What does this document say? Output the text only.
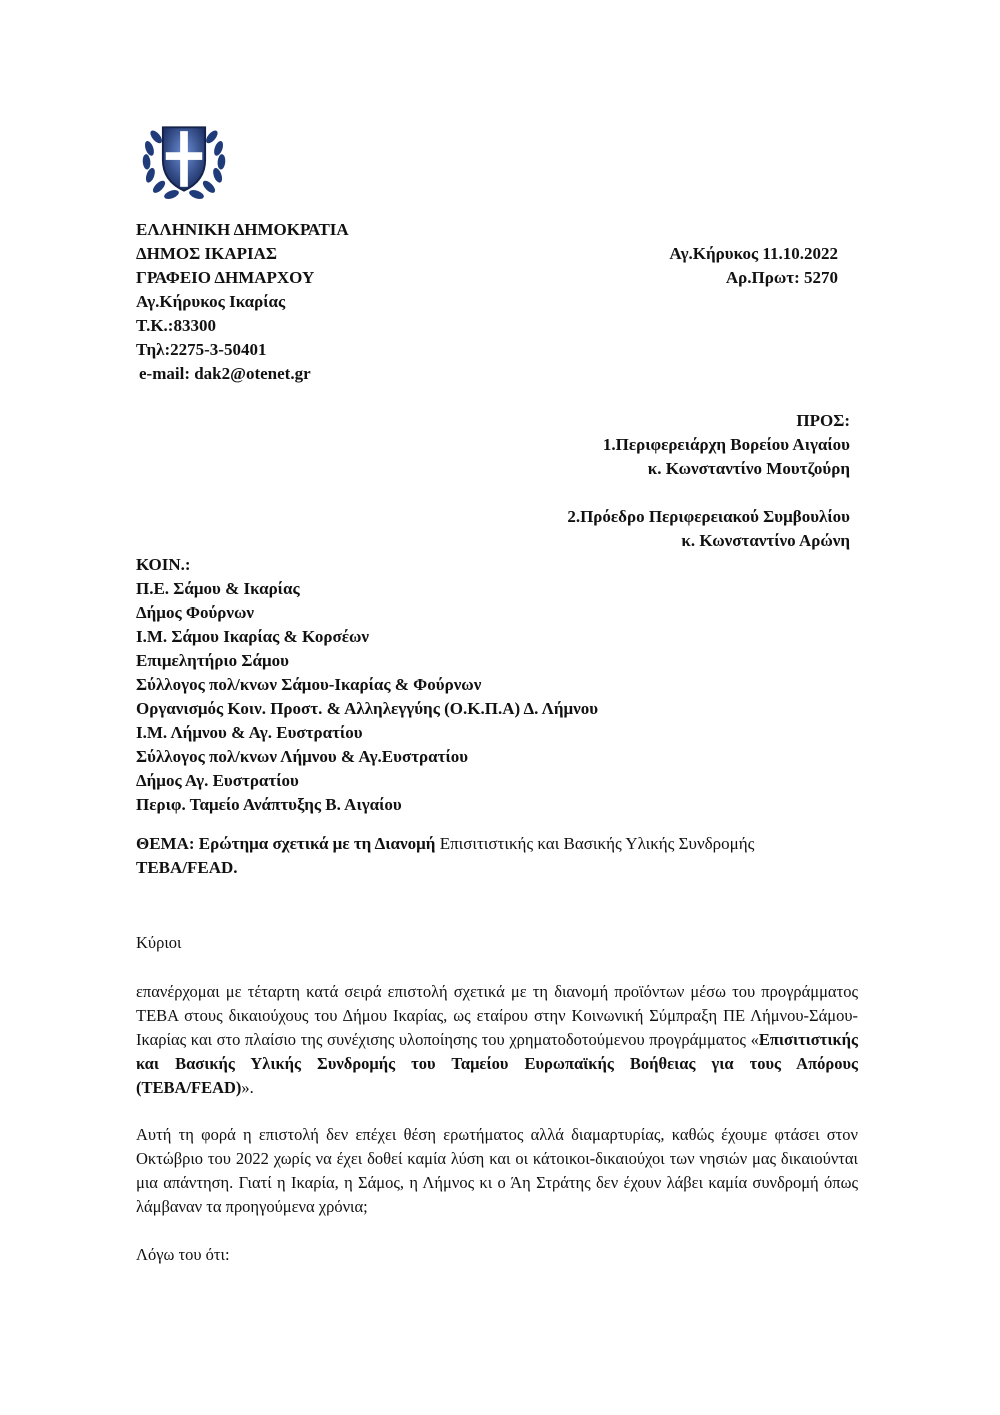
ΕΛΛΗΝΙΚΗ ΔΗΜΟΚΡΑΤΙΑ
ΔΗΜΟΣ ΙΚΑΡΙΑΣ
ΓΡΑΦΕΙΟ ΔΗΜΑΡΧΟΥ
Αγ.Κήρυκος Ικαρίας
Τ.Κ.:83300
Τηλ:2275-3-50401
e-mail: dak2@otenet.gr
Αγ.Κήρυκος 11.10.2022
Αρ.Πρωτ: 5270
ΠΡΟΣ:
1.Περιφερειάρχη Βορείου Αιγαίου
κ. Κωνσταντίνο Μουτζούρη
2.Πρόεδρο Περιφερειακού Συμβουλίου
κ. Κωνσταντίνο Αρώνη
ΚΟΙΝ.:
Π.Ε. Σάμου & Ικαρίας
Δήμος Φούρνων
Ι.Μ. Σάμου Ικαρίας & Κορσέων
Επιμελητήριο Σάμου
Σύλλογος πολ/κνων Σάμου-Ικαρίας & Φούρνων
Οργανισμός Κοιν. Προστ. & Αλληλεγγύης (Ο.Κ.Π.Α) Δ. Λήμνου
Ι.Μ. Λήμνου & Αγ. Ευστρατίου
Σύλλογος πολ/κνων Λήμνου & Αγ.Ευστρατίου
Δήμος Αγ. Ευστρατίου
Περιφ. Ταμείο Ανάπτυξης Β. Αιγαίου
ΘΕΜΑ: Ερώτημα σχετικά με τη Διανομή Επισιτιστικής και Βασικής Υλικής Συνδρομής
ΤΕΒΑ/FEAD.
Κύριοι
επανέρχομαι με τέταρτη κατά σειρά επιστολή σχετικά με τη διανομή προϊόντων μέσω του προγράμματος ΤΕΒΑ στους δικαιούχους του Δήμου Ικαρίας, ως εταίρου στην Κοινωνική Σύμπραξη ΠΕ Λήμνου-Σάμου-Ικαρίας και στο πλαίσιο της συνέχισης υλοποίησης του χρηματοδοτούμενου προγράμματος «Επισιτιστικής και Βασικής Υλικής Συνδρομής του Ταμείου Ευρωπαϊκής Βοήθειας για τους Απόρους (ΤΕΒΑ/FEAD)».
Αυτή τη φορά η επιστολή δεν επέχει θέση ερωτήματος αλλά διαμαρτυρίας, καθώς έχουμε φτάσει στον Οκτώβριο του 2022 χωρίς να έχει δοθεί καμία λύση και οι κάτοικοι-δικαιούχοι των νησιών μας δικαιούνται μια απάντηση. Γιατί η Ικαρία, η Σάμος, η Λήμνος κι ο Άη Στράτης δεν έχουν λάβει καμία συνδρομή όπως λάμβαναν τα προηγούμενα χρόνια;
Λόγω του ότι:
